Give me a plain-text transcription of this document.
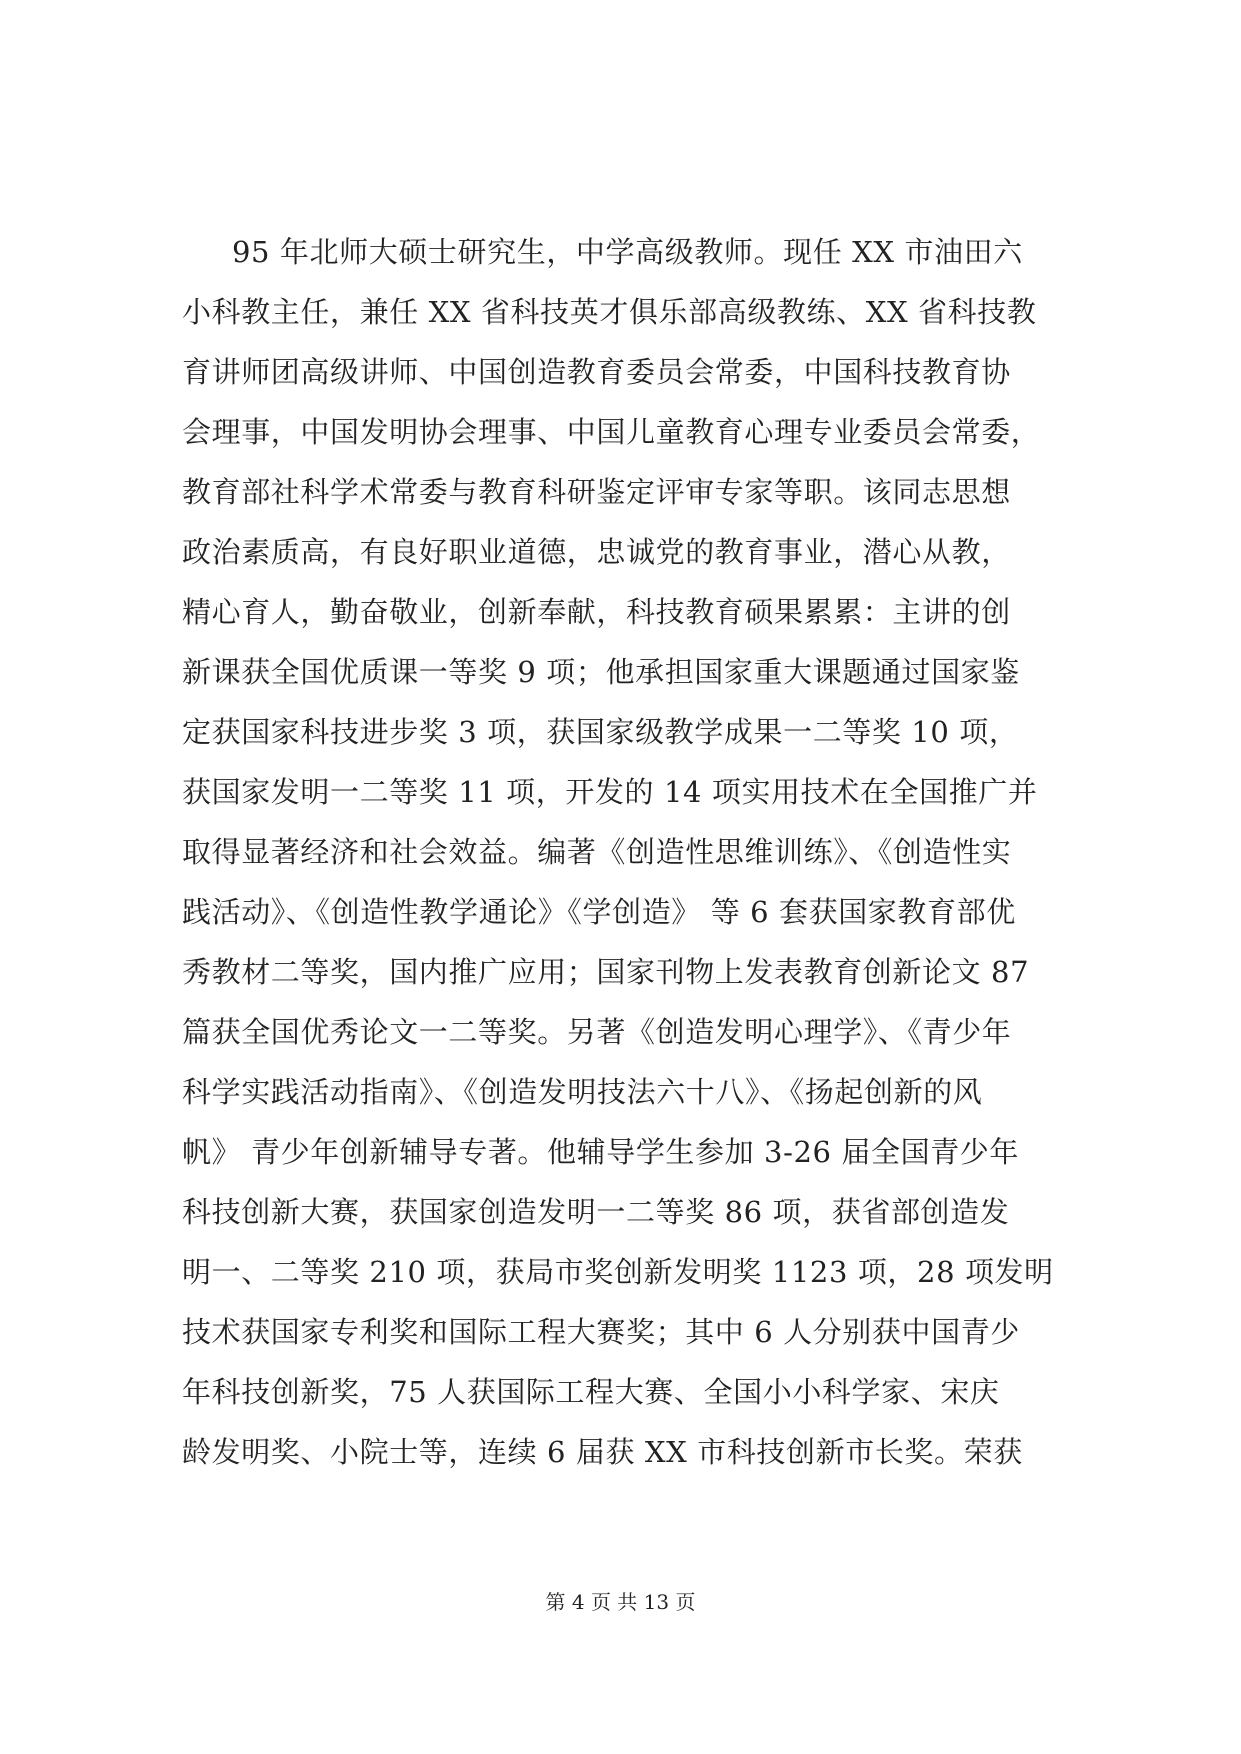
95 年北师大硕士研究生，中学高级教师。现任 XX 市油田六
小科教主任，兼任 XX 省科技英才俱乐部高级教练、XX 省科技教
育讲师团高级讲师、中国创造教育委员会常委，中国科技教育协
会理事，中国发明协会理事、中国儿童教育心理专业委员会常委，
教育部社科学术常委与教育科研鉴定评审专家等职。该同志思想
政治素质高，有良好职业道德，忠诚党的教育事业，潜心从教，
精心育人，勤奋敬业，创新奉献，科技教育硕果累累：主讲的创
新课获全国优质课一等奖 9 项；他承担国家重大课题通过国家鉴
定获国家科技进步奖 3 项，获国家级教学成果一二等奖 10 项，
获国家发明一二等奖 11 项，开发的 14 项实用技术在全国推广并
取得显著经济和社会效益。编著《创造性思维训练》、《创造性实
践活动》、《创造性教学通论》《学创造》 等 6 套获国家教育部优
秀教材二等奖，国内推广应用；国家刊物上发表教育创新论文 87
篇获全国优秀论文一二等奖。另著《创造发明心理学》、《青少年
科学实践活动指南》、《创造发明技法六十八》、《扬起创新的风
帆》 青少年创新辅导专著。他辅导学生参加 3-26 届全国青少年
科技创新大赛，获国家创造发明一二等奖 86 项，获省部创造发
明一、二等奖 210 项，获局市奖创新发明奖 1123 项，28 项发明
技术获国家专利奖和国际工程大赛奖；其中 6 人分别获中国青少
年科技创新奖，75 人获国际工程大赛、全国小小科学家、宋庆
龄发明奖、小院士等，连续 6 届获 XX 市科技创新市长奖。荣获
第 4 页 共 13 页
